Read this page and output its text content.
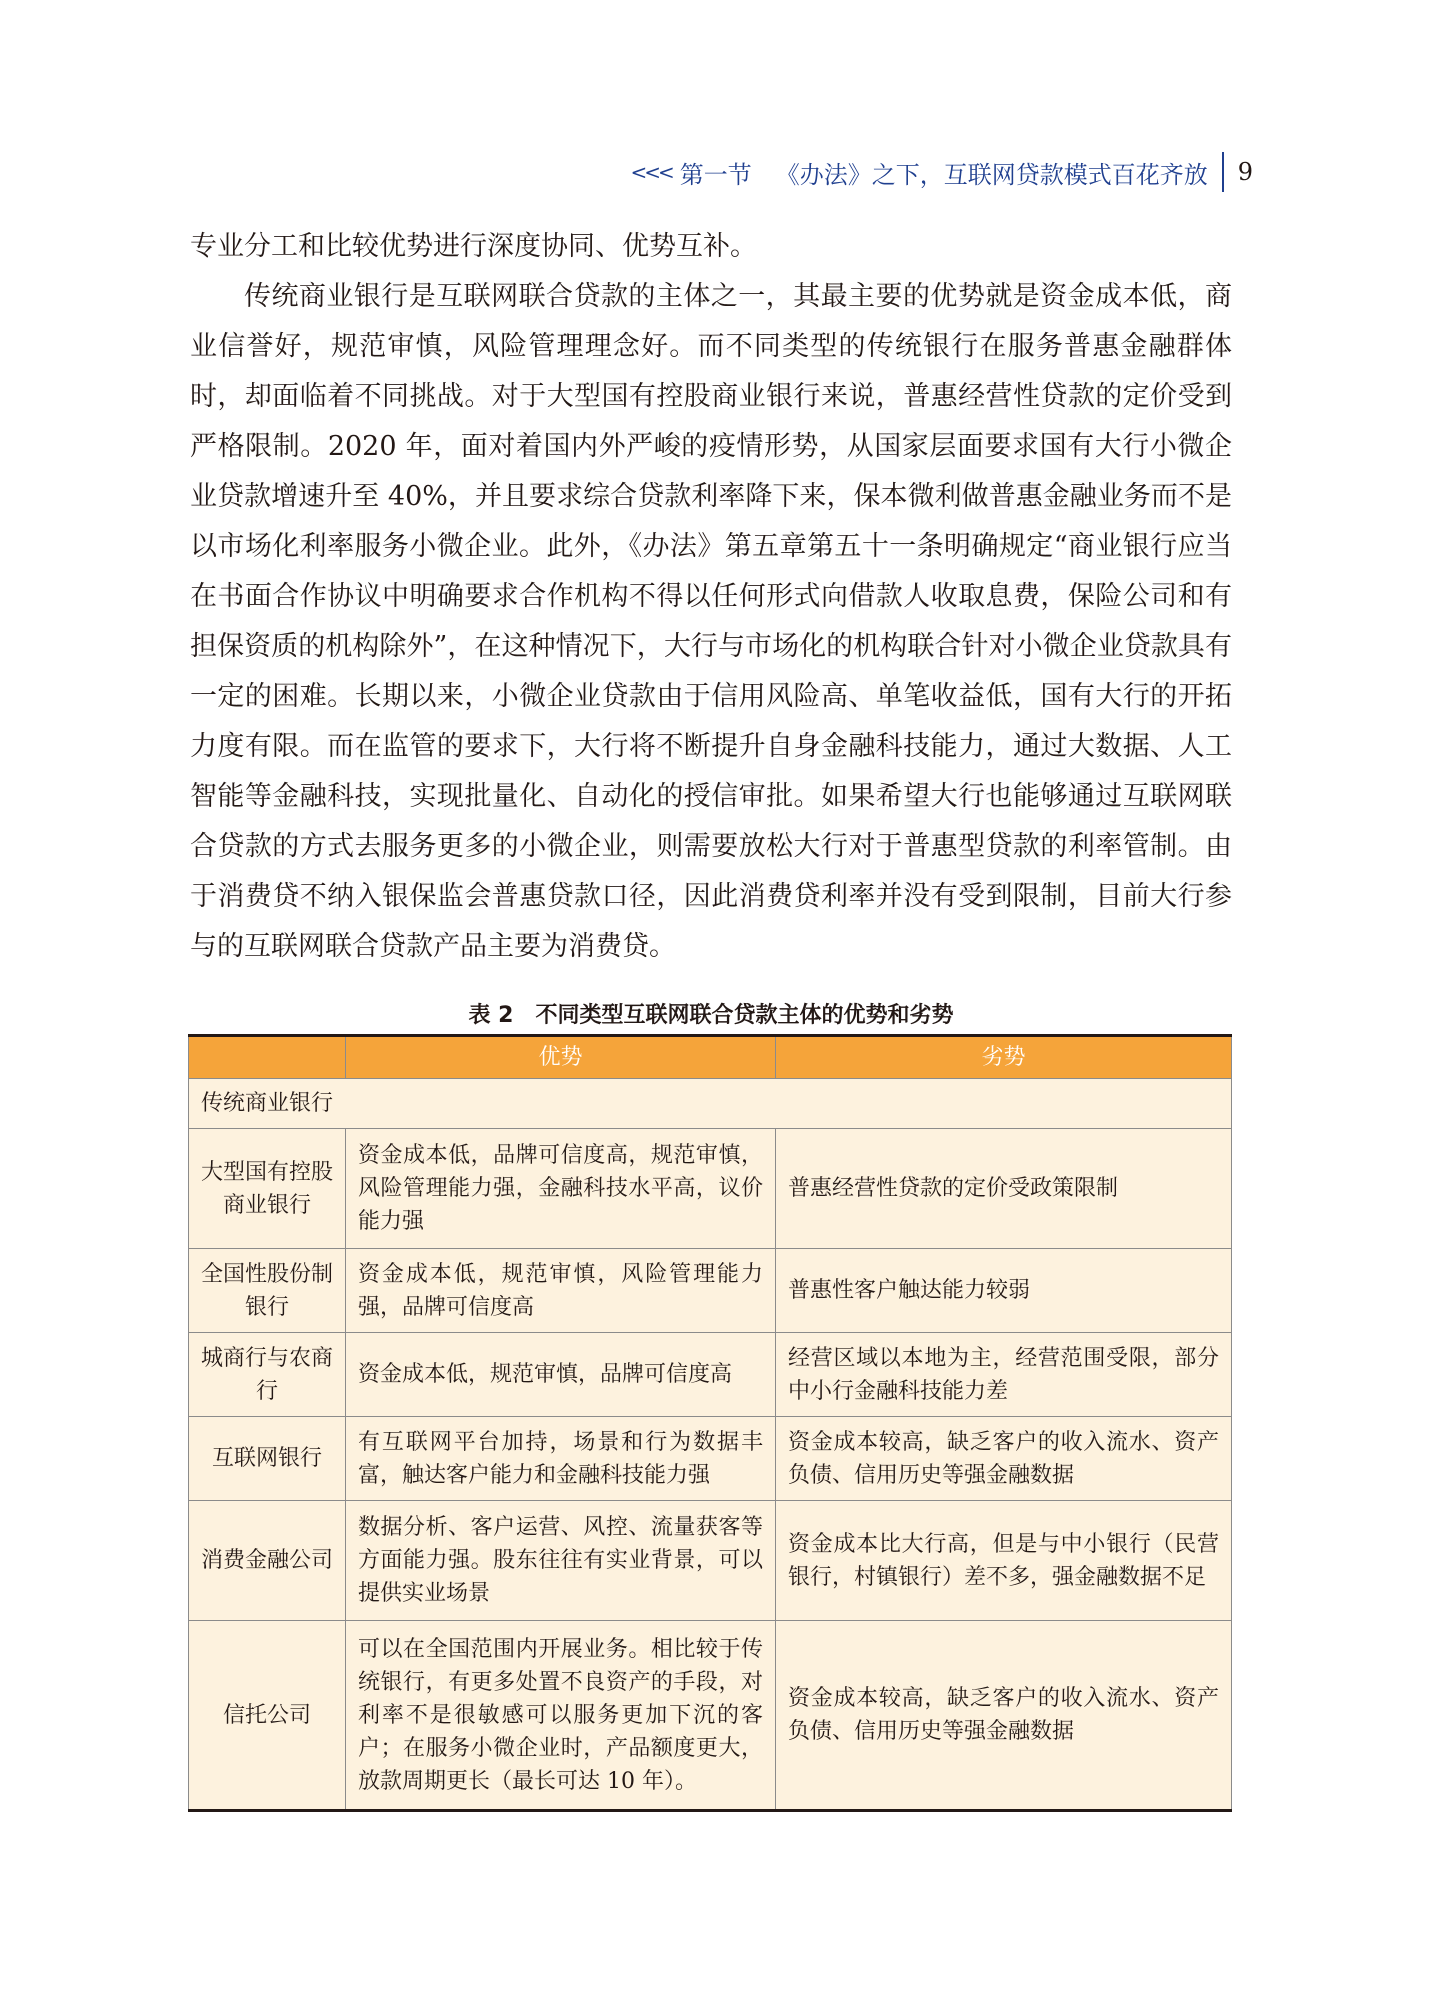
<<< 第一节 《办法》之下，互联网贷款模式百花齐放 9

专业分工和比较优势进行深度协同、优势互补。

传统商业银行是互联网联合贷款的主体之一，其最主要的优势就是资金成本低，商业信誉好，规范审慎，风险管理理念好。而不同类型的传统银行在服务普惠金融群体时，却面临着不同挑战。对于大型国有控股商业银行来说，普惠经营性贷款的定价受到严格限制。2020 年，面对着国内外严峻的疫情形势，从国家层面要求国有大行小微企业贷款增速升至 40%，并且要求综合贷款利率降下来，保本微利做普惠金融业务而不是以市场化利率服务小微企业。此外，《办法》第五章第五十一条明确规定“商业银行应当在书面合作协议中明确要求合作机构不得以任何形式向借款人收取息费，保险公司和有担保资质的机构除外”，在这种情况下，大行与市场化的机构联合针对小微企业贷款具有一定的困难。长期以来，小微企业贷款由于信用风险高、单笔收益低，国有大行的开拓力度有限。而在监管的要求下，大行将不断提升自身金融科技能力，通过大数据、人工智能等金融科技，实现批量化、自动化的授信审批。如果希望大行也能够通过互联网联合贷款的方式去服务更多的小微企业，则需要放松大行对于普惠型贷款的利率管制。由于消费贷不纳入银保监会普惠贷款口径，因此消费贷利率并没有受到限制，目前大行参与的互联网联合贷款产品主要为消费贷。

表 2　不同类型互联网联合贷款主体的优势和劣势
	优势	劣势
传统商业银行		
大型国有控股商业银行	资金成本低，品牌可信度高，规范审慎，风险管理能力强，金融科技水平高，议价能力强	普惠经营性贷款的定价受政策限制
全国性股份制银行	资金成本低，规范审慎，风险管理能力强，品牌可信度高	普惠性客户触达能力较弱
城商行与农商行	资金成本低，规范审慎，品牌可信度高	经营区域以本地为主，经营范围受限，部分中小行金融科技能力差
互联网银行	有互联网平台加持，场景和行为数据丰富，触达客户能力和金融科技能力强	资金成本较高，缺乏客户的收入流水、资产负债、信用历史等强金融数据
消费金融公司	数据分析、客户运营、风控、流量获客等方面能力强。股东往往有实业背景，可以提供实业场景	资金成本比大行高，但是与中小银行（民营银行，村镇银行）差不多，强金融数据不足
信托公司	可以在全国范围内开展业务。相比较于传统银行，有更多处置不良资产的手段，对利率不是很敏感可以服务更加下沉的客户；在服务小微企业时，产品额度更大，放款周期更长（最长可达 10 年）。	资金成本较高，缺乏客户的收入流水、资产负债、信用历史等强金融数据
